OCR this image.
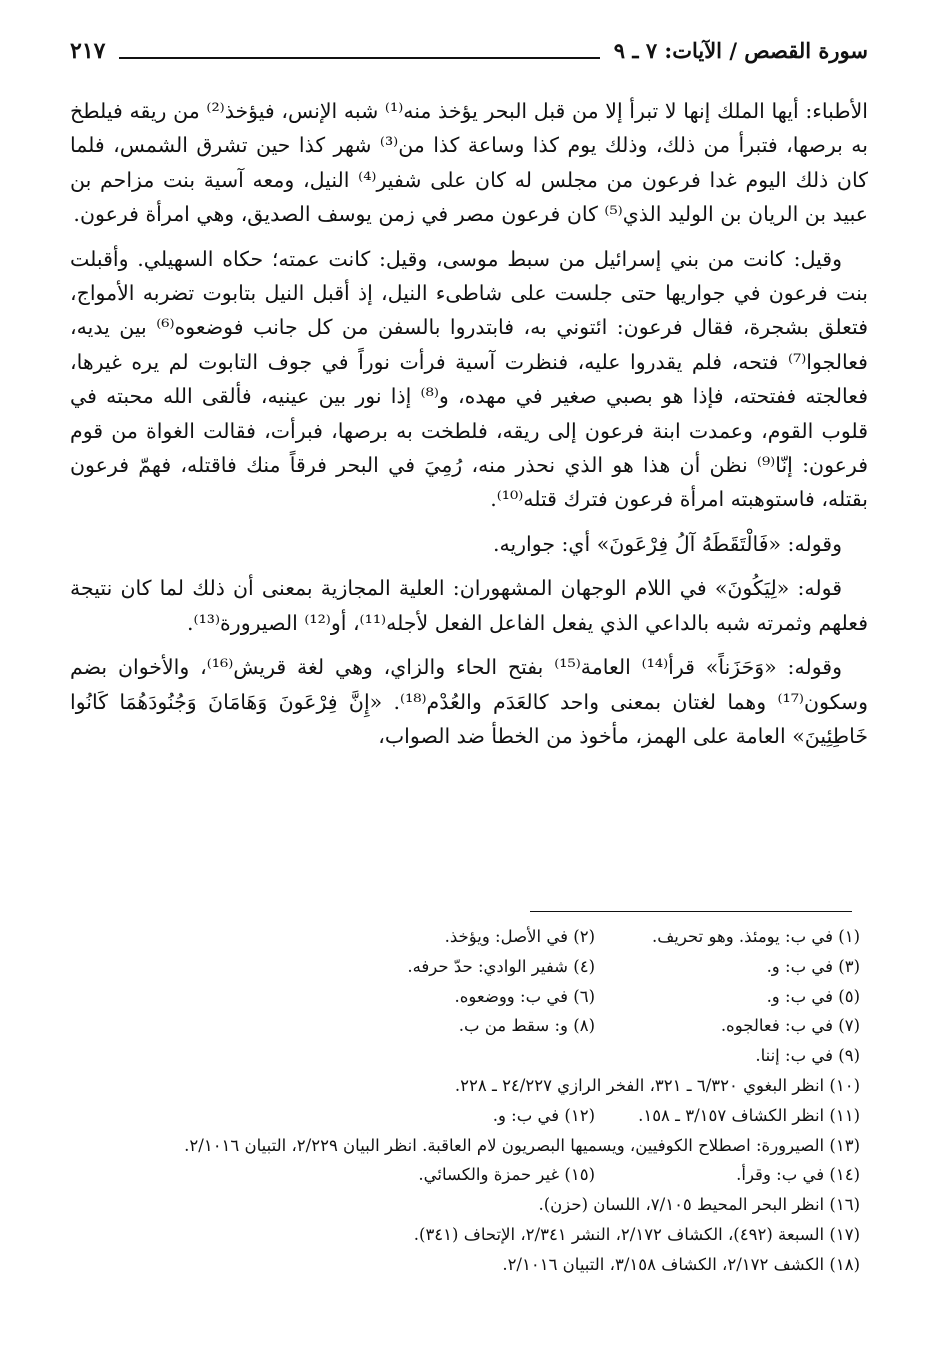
سورة القصص / الآيات: ٧ ـ ٩
٢١٧

الأطباء: أيها الملك إنها لا تبرأ إلا من قبل البحر يؤخذ منه⁽¹⁾ شبه الإنس، فيؤخذ⁽²⁾ من ريقه فيلطخ به برصها، فتبرأ من ذلك، وذلك يوم كذا وساعة كذا من⁽³⁾ شهر كذا حين تشرق الشمس، فلما كان ذلك اليوم غدا فرعون من مجلس له كان على شفير⁽⁴⁾ النيل، ومعه آسية بنت مزاحم بن عبيد بن الريان بن الوليد الذي⁽⁵⁾ كان فرعون مصر في زمن يوسف الصديق، وهي امرأة فرعون.

وقيل: كانت من بني إسرائيل من سبط موسى، وقيل: كانت عمته؛ حكاه السهيلي. وأقبلت بنت فرعون في جواريها حتى جلست على شاطىء النيل، إذ أقبل النيل بتابوت تضربه الأمواج، فتعلق بشجرة، فقال فرعون: ائتوني به، فابتدروا بالسفن من كل جانب فوضعوه⁽⁶⁾ بين يديه، فعالجوا⁽⁷⁾ فتحه، فلم يقدروا عليه، فنظرت آسية فرأت نوراً في جوف التابوت لم يره غيرها، فعالجته ففتحته، فإذا هو بصبي صغير في مهده، و⁽⁸⁾ إذا نور بين عينيه، فألقى الله محبته في قلوب القوم، وعمدت ابنة فرعون إلى ريقه، فلطخت به برصها، فبرأت، فقالت الغواة من قوم فرعون: إنّا⁽⁹⁾ نظن أن هذا هو الذي نحذر منه، رُمِيَ في البحر فرقاً منك فاقتله، فهمّ فرعون بقتله، فاستوهبته امرأة فرعون فترك قتله⁽¹⁰⁾.

وقوله: «فَالْتَقَطَهُ آلُ فِرْعَونَ» أي: جواريه.

قوله: «لِيَكُونَ» في اللام الوجهان المشهوران: العلية المجازية بمعنى أن ذلك لما كان نتيجة فعلهم وثمرته شبه بالداعي الذي يفعل الفاعل الفعل لأجله⁽¹¹⁾، أو⁽¹²⁾ الصيرورة⁽¹³⁾.

وقوله: «وَحَزَناً» قرأ⁽¹⁴⁾ العامة⁽¹⁵⁾ بفتح الحاء والزاي، وهي لغة قريش⁽¹⁶⁾، والأخوان بضم وسكون⁽¹⁷⁾ وهما لغتان بمعنى واحد كالعَدَم والعُدْم⁽¹⁸⁾. «إِنَّ فِرْعَونَ وَهَامَانَ وَجُنُودَهُمَا كَانُوا خَاطِئِينَ» العامة على الهمز، مأخوذ من الخطأ ضد الصواب،

(١) في ب: يومئذ. وهو تحريف.
(٢) في الأصل: ويؤخذ.
(٣) في ب: و.
(٤) شفير الوادي: حدّ حرفه.
(٥) في ب: و.
(٦) في ب: ووضعوه.
(٧) في ب: فعالجوه.
(٨) و: سقط من ب.
(٩) في ب: إننا.
(١٠) انظر البغوي ٦/٣٢٠ ـ ٣٢١، الفخر الرازي ٢٤/٢٢٧ ـ ٢٢٨.
(١١) انظر الكشاف ٣/١٥٧ ـ ١٥٨.
(١٢) في ب: و.
(١٣) الصيرورة: اصطلاح الكوفيين، ويسميها البصريون لام العاقبة. انظر البيان ٢/٢٢٩، التبيان ٢/١٠١٦.
(١٤) في ب: وقرأ.
(١٥) غير حمزة والكسائي.
(١٦) انظر البحر المحيط ٧/١٠٥، اللسان (حزن).
(١٧) السبعة (٤٩٢)، الكشاف ٢/١٧٢، النشر ٢/٣٤١، الإتحاف (٣٤١).
(١٨) الكشف ٢/١٧٢، الكشاف ٣/١٥٨، التبيان ٢/١٠١٦.
